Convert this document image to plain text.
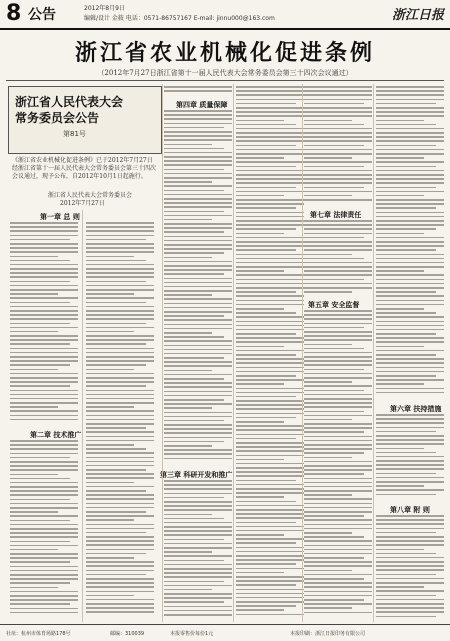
8 公告	2012年8月9日
编辑/设计 金筱 电话：0571-86757167 E-mail: jinnu000@163.com	浙江日报
浙江省农业机械化促进条例
（2012年7月27日浙江省第十一届人民代表大会常务委员会第三十四次会议通过）
浙江省人民代表大会
常务委员会公告
第81号
《浙江省农业机械化促进条例》已于2012年7月27日经浙江省第十一届人民代表大会常务委员会第三十四次会议通过，现予公布，自2012年10月1日起施行。
浙江省人民代表大会常务委员会
2012年7月27日
第一章 总 则
第二章 技术推广
第三章 科研开发和推广
第四章 质量保障
第五章 安全监督
第六章 扶持措施
第七章 法律责任
第八章 附 则
社址：杭州市体育场路178号	邮编：310039	本报零售价每份1元	本报印刷：浙江日报印务有限公司
